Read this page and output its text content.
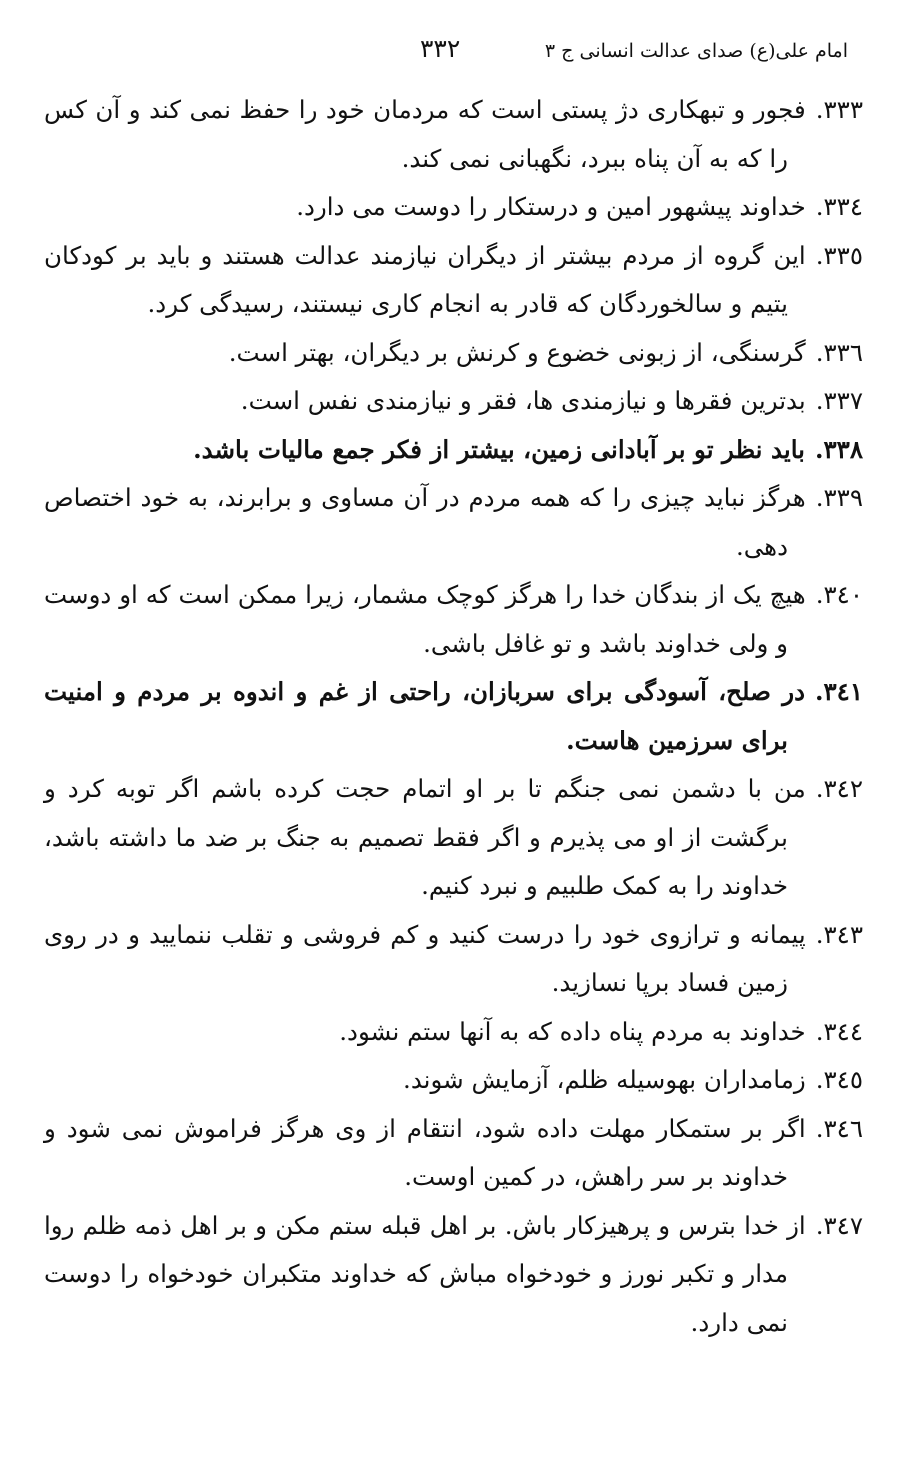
امام علی(ع) صدای عدالت انسانی ج ۳
۳۳۲

۳۳۳.فجور و تبهکاری دژ پستی است که مردمان خود را حفظ نمی کند و آن کس را که به آن پناه ببرد، نگهبانی نمی کند.

۳۳٤.خداوند پیشهور امین و درستکار را دوست می دارد.

۳۳٥.این گروه از مردم بیشتر از دیگران نیازمند عدالت هستند و باید بر کودکان یتیم و سالخوردگان که قادر به انجام کاری نیستند، رسیدگی کرد.

۳۳٦.گرسنگی، از زبونی خضوع و کرنش بر دیگران، بهتر است.

۳۳۷.بدترین فقرها و نیازمندی ها، فقر و نیازمندی نفس است.

۳۳۸.باید نظر تو بر آبادانی زمین، بیشتر از فکر جمع مالیات باشد.

۳۳۹.هرگز نباید چیزی را که همه مردم در آن مساوی و برابرند، به خود اختصاص دهی.

۳٤۰.هیچ یک از بندگان خدا را هرگز کوچک مشمار، زیرا ممکن است که او دوست و ولی خداوند باشد و تو غافل باشی.

۳٤۱.در صلح، آسودگی برای سربازان، راحتی از غم و اندوه بر مردم و امنیت برای سرزمین هاست.

۳٤۲.من با دشمن نمی جنگم تا بر او اتمام حجت کرده باشم اگر توبه کرد و برگشت از او می پذیرم و اگر فقط تصمیم به جنگ بر ضد ما داشته باشد، خداوند را به کمک طلبیم و نبرد کنیم.

۳٤۳.پیمانه و ترازوی خود را درست کنید و کم فروشی و تقلب ننمایید و در روی زمین فساد برپا نسازید.

۳٤٤.خداوند به مردم پناه داده که به آنها ستم نشود.

۳٤٥.زمامداران بهوسیله ظلم، آزمایش شوند.

۳٤٦.اگر بر ستمکار مهلت داده شود، انتقام از وی هرگز فراموش نمی شود و خداوند بر سر راهش، در کمین اوست.

۳٤۷.از خدا بترس و پرهیزکار باش. بر اهل قبله ستم مکن و بر اهل ذمه ظلم روا مدار و تکبر نورز و خودخواه مباش که خداوند متکبران خودخواه را دوست نمی دارد.
